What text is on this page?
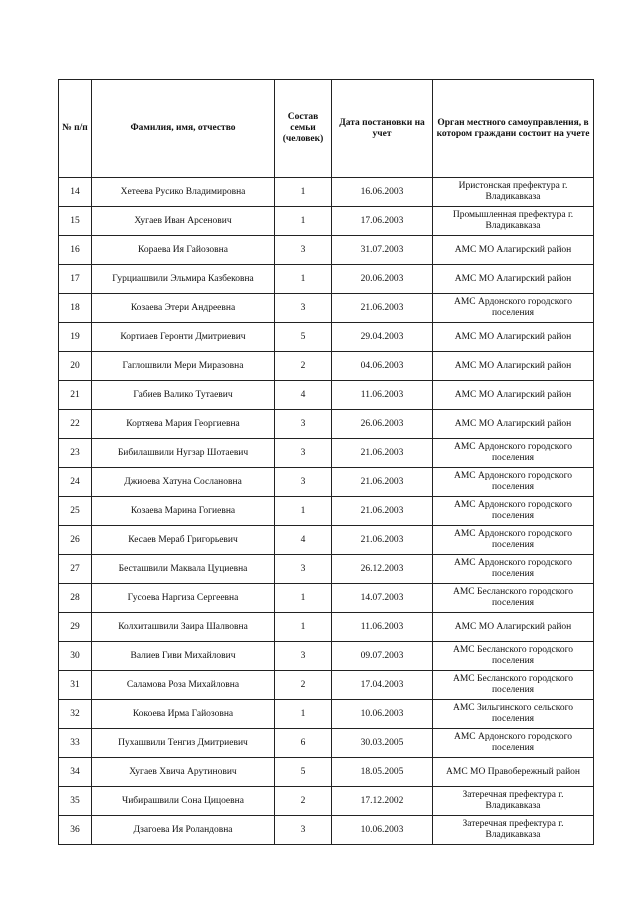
№ п/п	Фамилия, имя, отчество	Состав семьи (человек)	Дата постановки на учет	Орган местного самоуправления, в котором граждани состоит на учете
14	Хетеева Русико Владимировна	1	16.06.2003	Иристонская префектура г. Владикавказа
15	Хугаев Иван Арсенович	1	17.06.2003	Промышленная префектура г. Владикавказа
16	Кораева Ия Гайозовна	3	31.07.2003	АМС МО Алагирский район
17	Гурциашвили Эльмира Казбековна	1	20.06.2003	АМС МО Алагирский район
18	Козаева Этери Андреевна	3	21.06.2003	АМС Ардонского городского поселения
19	Кортиаев Геронти Дмитриевич	5	29.04.2003	АМС МО Алагирский район
20	Гаглошвили Мери Миразовна	2	04.06.2003	АМС МО Алагирский район
21	Габиев Валико Тутаевич	4	11.06.2003	АМС МО Алагирский район
22	Кортяева Мария Георгиевна	3	26.06.2003	АМС МО Алагирский район
23	Бибилашвили Нугзар Шотаевич	3	21.06.2003	АМС Ардонского городского поселения
24	Джиоева Хатуна Сослановна	3	21.06.2003	АМС Ардонского городского поселения
25	Козаева Марина Гогиевна	1	21.06.2003	АМС Ардонского городского поселения
26	Кесаев Мераб Григорьевич	4	21.06.2003	АМС Ардонского городского поселения
27	Бесташвили Маквала Цуциевна	3	26.12.2003	АМС Ардонского городского поселения
28	Гусоева Наргиза Сергеевна	1	14.07.2003	АМС Бесланского городского поселения
29	Колхиташвили Заира Шалвовна	1	11.06.2003	АМС МО Алагирский район
30	Валиев Гиви Михайлович	3	09.07.2003	АМС Бесланского городского поселения
31	Саламова Роза Михайловна	2	17.04.2003	АМС Бесланского городского поселения
32	Кокоева Ирма Гайозовна	1	10.06.2003	АМС Зильгинского сельского поселения
33	Пухашвили Тенгиз Дмитриевич	6	30.03.2005	АМС Ардонского городского поселения
34	Хугаев Хвича Арутинович	5	18.05.2005	АМС МО Правобережный район
35	Чибирашвили Сона Цицоевна	2	17.12.2002	Затеречная префектура г. Владикавказа
36	Дзагоева Ия Роландовна	3	10.06.2003	Затеречная префектура г. Владикавказа
